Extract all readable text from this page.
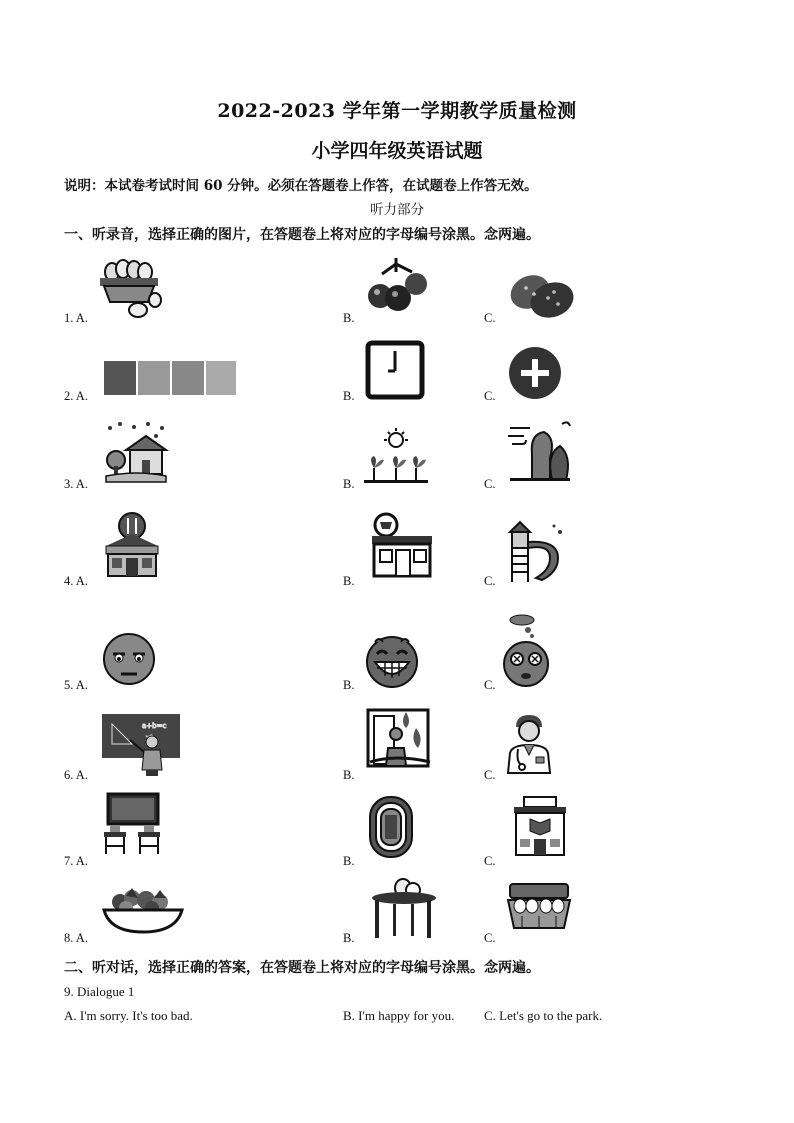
2022-2023 学年第一学期教学质量检测
小学四年级英语试题
说明：本试卷考试时间 60 分钟。必须在答题卷上作答，在试题卷上作答无效。
听力部分
一、听录音，选择正确的图片，在答题卷上将对应的字母编号涂黑。念两遍。
1. A.	B.	C.
2. A.	B.	C.
3. A.	B.	C.
4. A.	B.	C.
5. A.	B.	C.
6. A.	B.	C.
7. A.	B.	C.
8. A.	B.	C.
a+b=c
二、听对话，选择正确的答案，在答题卷上将对应的字母编号涂黑。念两遍。
9. Dialogue 1
A. I'm sorry. It's too bad.	B. I'm happy for you. C. Let's go to the park.
